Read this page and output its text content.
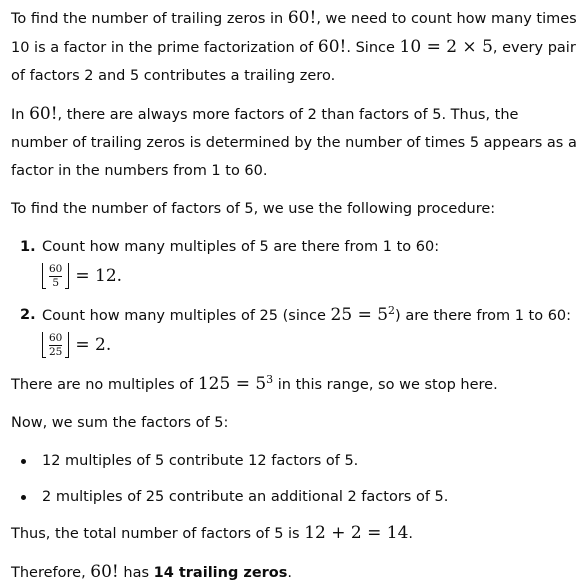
To find the number of trailing zeros in 60!, we need to count how many times 10 is a factor in the prime factorization of 60!. Since 10 = 2 × 5, every pair of factors 2 and 5 contributes a trailing zero.

In 60!, there are always more factors of 2 than factors of 5. Thus, the number of trailing zeros is determined by the number of times 5 appears as a factor in the numbers from 1 to 60.

To find the number of factors of 5, we use the following procedure:

1. Count how many multiples of 5 are there from 1 to 60:
$\frac{60}{5} = 12$.
2. Count how many multiples of 25 (since $25 = 5^2$) are there from 1 to 60:
$\frac{60}{25} = 2$.

There are no multiples of $125 = 5^3$ in this range, so we stop here.

Now, we sum the factors of 5:

12 multiples of 5 contribute 12 factors of 5.
2 multiples of 25 contribute an additional 2 factors of 5.

Thus, the total number of factors of 5 is 12 + 2 = 14.

Therefore, 60! has 14 trailing zeros.
